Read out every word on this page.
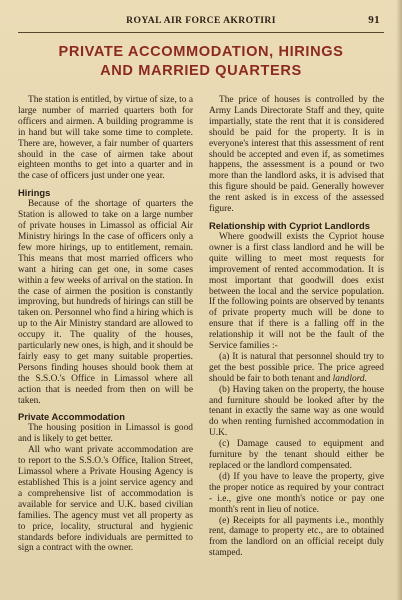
ROYAL AIR FORCE AKROTIRI	91
PRIVATE ACCOMMODATION, HIRINGS
AND MARRIED QUARTERS

The station is entitled, by virtue of size, to a large number of married quarters both for officers and airmen. A building programme is in hand but will take some time to complete. There are, however, a fair number of quarters should in the case of airmen take about eighteen months to get into a quarter and in the case of officers just under one year.

Hirings

Because of the shortage of quarters the Station is allowed to take on a large number of private houses in Limassol as official Air Ministry hirings In the case of officers only a few more hirings, up to entitlement, remain. This means that most married officers who want a hiring can get one, in some cases within a few weeks of arrival on the station. In the case of airmen the position is constantly improving, but hundreds of hirings can still be taken on. Personnel who find a hiring which is up to the Air Ministry standard are allowed to occupy it. The quality of the houses, particularly new ones, is high, and it should be fairly easy to get many suitable properties. Persons finding houses should book them at the S.S.O.'s Office in Limassol where all action that is needed from then on will be taken.

Private Accommodation

The housing position in Limassol is good and is likely to get better.

All who want private accommodation are to report to the S.S.O.'s Office, Italion Street, Limassol where a Private Housing Agency is established This is a joint service agency and a comprehensive list of accommodation is available for service and U.K. based civilian families. The agency must vet all property as to price, locality, structural and hygienic standards before individuals are permitted to sign a contract with the owner.

The price of houses is controlled by the Army Lands Directorate Staff and they, quite impartially, state the rent that it is considered should be paid for the property. It is in everyone's interest that this assessment of rent should be accepted and even if, as sometimes happens, the assessment is a pound or two more than the landlord asks, it is advised that this figure should be paid. Generally however the rent asked is in excess of the assessed figure.

Relationship with Cypriot Landlords

Where goodwill exists the Cypriot house owner is a first class landlord and he will be quite willing to meet most requests for improvement of rented accommodation. It is most important that goodwill does exist between the local and the service population. If the following points are observed by tenants of private property much will be done to ensure that if there is a falling off in the relationship it will not be the fault of the Service families :-

(a) It is natural that personnel should try to get the best possible price. The price agreed should be fair to both tenant and landlord.

(b) Having taken on the property, the house and furniture should be looked after by the tenant in exactly the same way as one would do when renting furnished accommodation in U.K.

(c) Damage caused to equipment and furniture by the tenant should either be replaced or the landlord compensated.

(d) If you have to leave the property, give the proper notice as required by your contract - i.e., give one month's notice or pay one month's rent in lieu of notice.

(e) Receipts for all payments i.e., monthly rent, damage to property etc., are to obtained from the landlord on an official receipt duly stamped.
